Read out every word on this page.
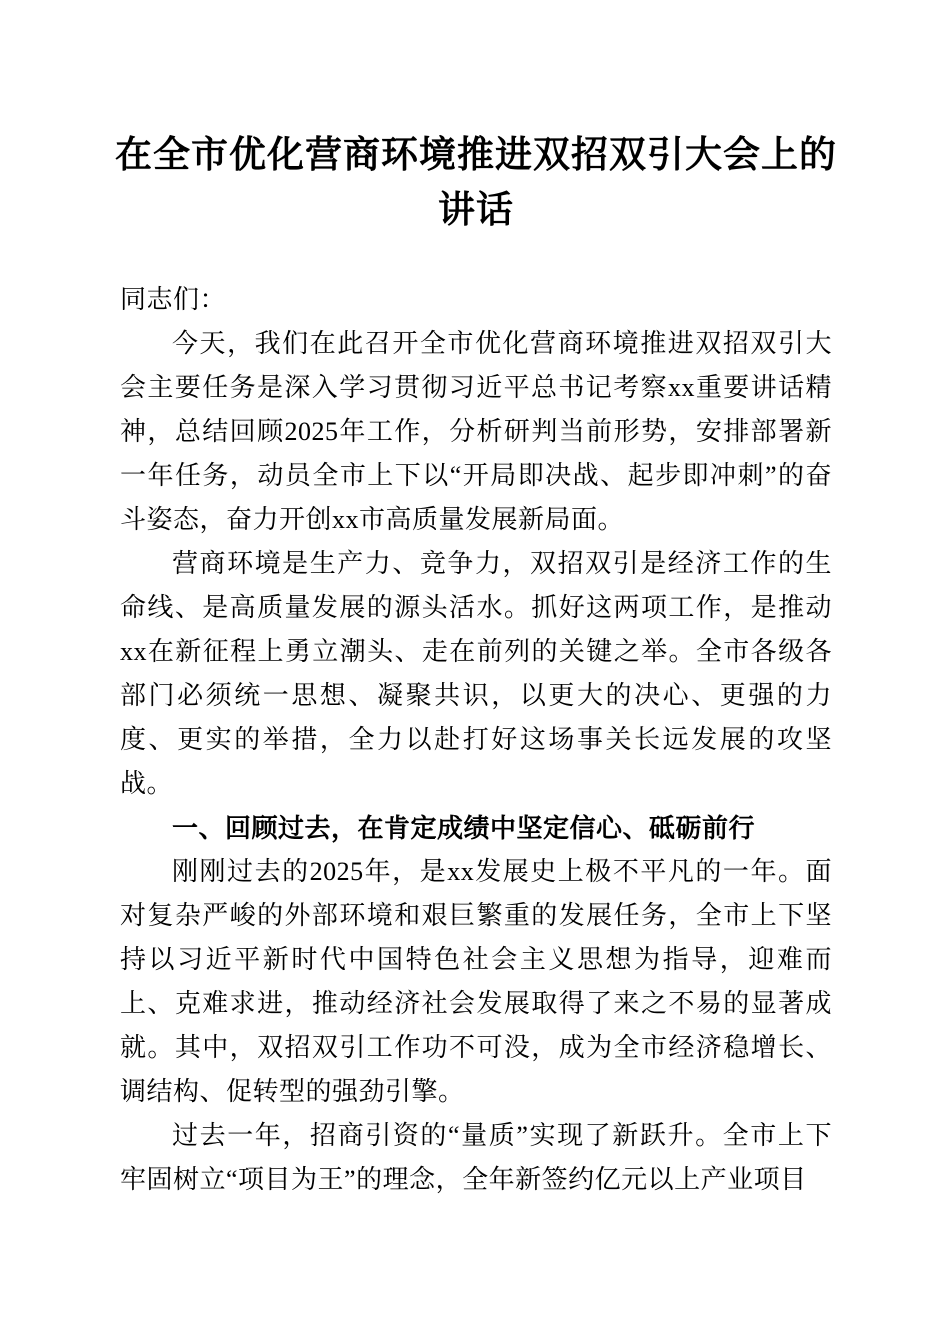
在全市优化营商环境推进双招双引大会上的讲话

同志们：

今天，我们在此召开全市优化营商环境推进双招双引大会主要任务是深入学习贯彻习近平总书记考察xx重要讲话精神，总结回顾2025年工作，分析研判当前形势，安排部署新一年任务，动员全市上下以“开局即决战、起步即冲刺”的奋斗姿态，奋力开创xx市高质量发展新局面。

营商环境是生产力、竞争力，双招双引是经济工作的生命线、是高质量发展的源头活水。抓好这两项工作，是推动xx在新征程上勇立潮头、走在前列的关键之举。全市各级各部门必须统一思想、凝聚共识，以更大的决心、更强的力度、更实的举措，全力以赴打好这场事关长远发展的攻坚战。

一、回顾过去，在肯定成绩中坚定信心、砥砺前行

刚刚过去的2025年，是xx发展史上极不平凡的一年。面对复杂严峻的外部环境和艰巨繁重的发展任务，全市上下坚持以习近平新时代中国特色社会主义思想为指导，迎难而上、克难求进，推动经济社会发展取得了来之不易的显著成就。其中，双招双引工作功不可没，成为全市经济稳增长、调结构、促转型的强劲引擎。

过去一年，招商引资的“量质”实现了新跃升。全市上下牢固树立“项目为王”的理念，全年新签约亿元以上产业项目
